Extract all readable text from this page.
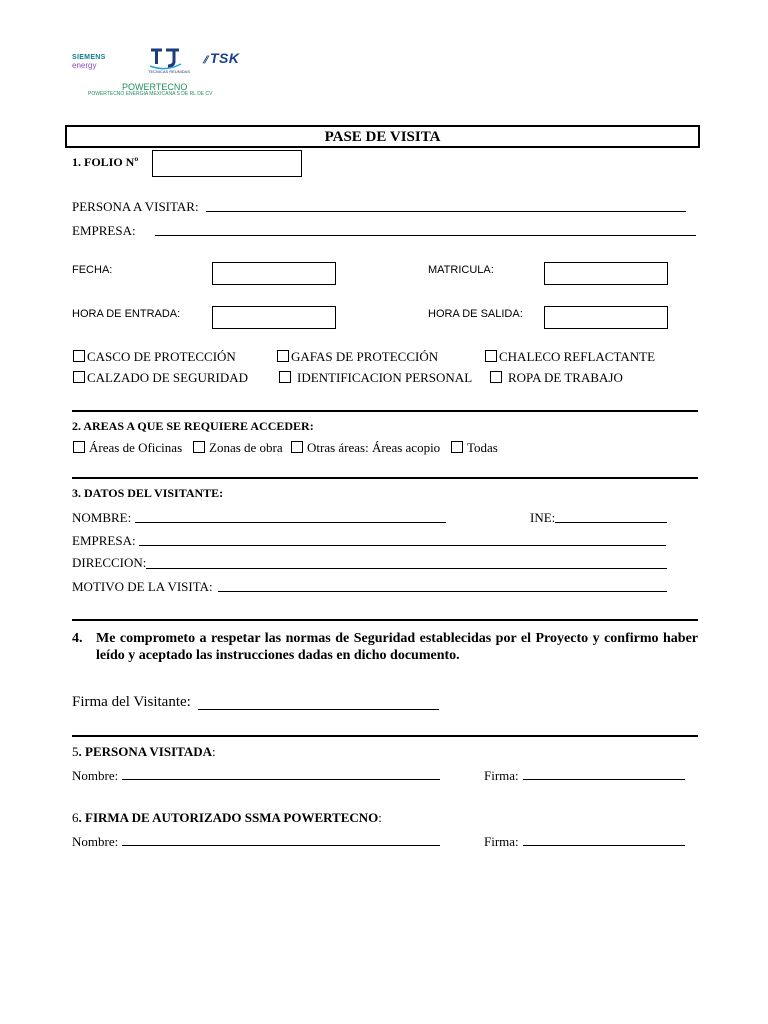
SIEMENS
energy
TECNICAS REUNIDAS
⫽ TSK
POWERTECNO
POWERTECNO ENERGIA MEXICANA S DE RL DE CV
PASE DE VISITA
1. FOLIO Nº
PERSONA A VISITAR:
EMPRESA:
FECHA:	MATRICULA:
HORA DE ENTRADA:	HORA DE SALIDA:
CASCO DE PROTECCIÓN	GAFAS DE PROTECCIÓN	CHALECO REFLACTANTE
CALZADO DE SEGURIDAD	IDENTIFICACION PERSONAL	ROPA DE TRABAJO
2. AREAS A QUE SE REQUIERE ACCEDER:
Áreas de Oficinas	Zonas de obra	Otras áreas: Áreas acopio	Todas
3. DATOS DEL VISITANTE:
NOMBRE:	INE:
EMPRESA:
DIRECCION:
MOTIVO DE LA VISITA:
4. Me comprometo a respetar las normas de Seguridad establecidas por el Proyecto y confirmo haber leído y aceptado las instrucciones dadas en dicho documento.
Firma del Visitante:
5. PERSONA VISITADA:
Nombre:	Firma:
6. FIRMA DE AUTORIZADO SSMA POWERTECNO:
Nombre:	Firma:
